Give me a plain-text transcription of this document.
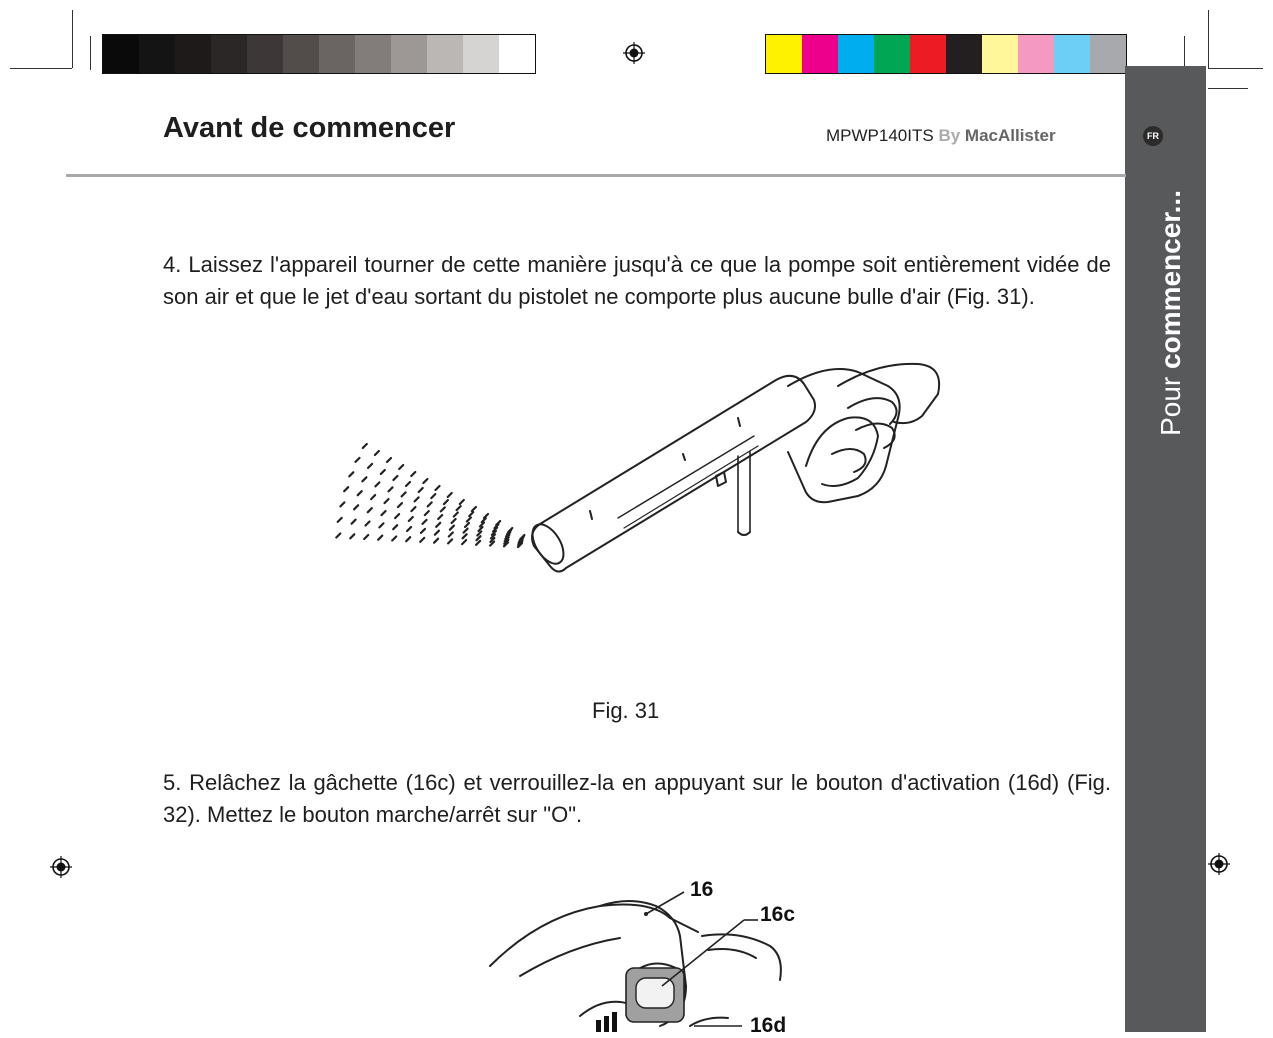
FR
Pour commencer...
Avant de commencer	MPWP140ITS By MacAllister
4. Laissez l'appareil tourner de cette manière jusqu'à ce que la pompe soit entièrement vidée de son air et que le jet d'eau sortant du pistolet ne comporte plus aucune bulle d'air (Fig. 31).
Fig. 31
5. Relâchez la gâchette (16c) et verrouillez-la en appuyant sur le bouton d'activation (16d) (Fig. 32). Mettez le bouton marche/arrêt sur "O".
16
16c
16d
